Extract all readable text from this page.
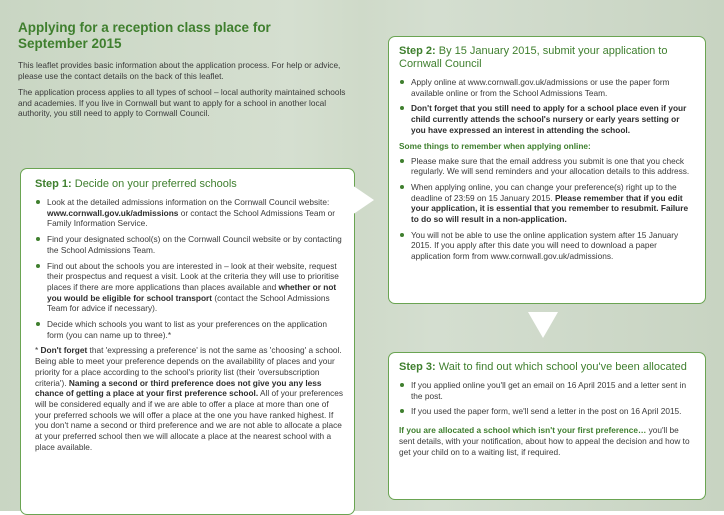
Applying for a reception class place for
September 2015

This leaflet provides basic information about the application process. For help or advice, please use the contact details on the back of this leaflet.

The application process applies to all types of school – local authority maintained schools and academies. If you live in Cornwall but want to apply for a school in another local authority, you still need to apply to Cornwall Council.

Step 1: Decide on your preferred schools
Look at the detailed admissions information on the Cornwall Council website: www.cornwall.gov.uk/admissions or contact the School Admissions Team or Family Information Service.
Find your designated school(s) on the Cornwall Council website or by contacting the School Admissions Team.
Find out about the schools you are interested in – look at their website, request their prospectus and request a visit. Look at the criteria they will use to prioritise places if there are more applications than places available and whether or not you would be eligible for school transport (contact the School Admissions Team for advice if necessary).
Decide which schools you want to list as your preferences on the application form (you can name up to three).*
* Don't forget that 'expressing a preference' is not the same as 'choosing' a school. Being able to meet your preference depends on the availability of places and your priority for a place according to the school's priority list (their 'oversubscription criteria'). Naming a second or third preference does not give you any less chance of getting a place at your first preference school. All of your preferences will be considered equally and if we are able to offer a place at more than one of your preferred schools we will offer a place at the one you have ranked highest. If you don't name a second or third preference and we are not able to allocate a place at your preferred school then we will allocate a place at the nearest school with a place available.
Step 2: By 15 January 2015, submit your application to Cornwall Council
Apply online at www.cornwall.gov.uk/admissions or use the paper form available online or from the School Admissions Team.
Don't forget that you still need to apply for a school place even if your child currently attends the school's nursery or early years setting or you have expressed an interest in attending the school.
Some things to remember when applying online:
Please make sure that the email address you submit is one that you check regularly. We will send reminders and your allocation details to this address.
When applying online, you can change your preference(s) right up to the deadline of 23:59 on 15 January 2015. Please remember that if you edit your application, it is essential that you remember to resubmit. Failure to do so will result in a non-application.
You will not be able to use the online application system after 15 January 2015. If you apply after this date you will need to download a paper application form from www.cornwall.gov.uk/admissions.
Step 3: Wait to find out which school you've been allocated
If you applied online you'll get an email on 16 April 2015 and a letter sent in the post.
If you used the paper form, we'll send a letter in the post on 16 April 2015.
If you are allocated a school which isn't your first preference… you'll be sent details, with your notification, about how to appeal the decision and how to get your child on to a waiting list, if required.
